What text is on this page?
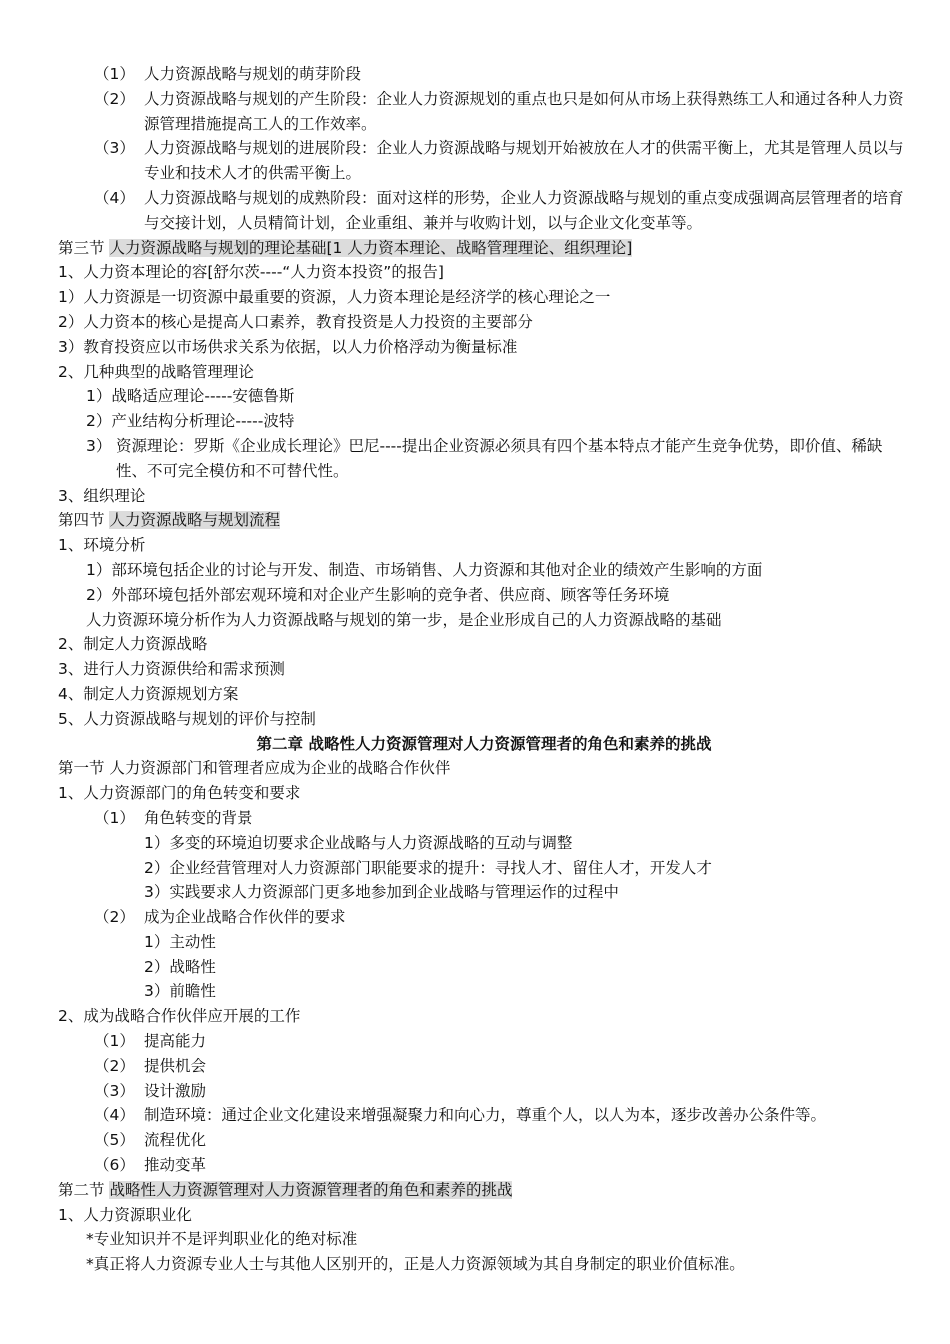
（1） 人力资源战略与规划的萌芽阶段
（2） 人力资源战略与规划的产生阶段：企业人力资源规划的重点也只是如何从市场上获得熟练工人和通过各种人力资源管理措施提高工人的工作效率。
（3） 人力资源战略与规划的进展阶段：企业人力资源战略与规划开始被放在人才的供需平衡上，尤其是管理人员以与专业和技术人才的供需平衡上。
（4） 人力资源战略与规划的成熟阶段：面对这样的形势，企业人力资源战略与规划的重点变成强调高层管理者的培育与交接计划，人员精简计划，企业重组、兼并与收购计划，以与企业文化变革等。
第三节 人力资源战略与规划的理论基础[1 人力资本理论、战略管理理论、组织理论]
1、人力资本理论的容[舒尔茨----“人力资本投资”的报告]
1）人力资源是一切资源中最重要的资源，人力资本理论是经济学的核心理论之一
2）人力资本的核心是提高人口素养，教育投资是人力投资的主要部分
3）教育投资应以市场供求关系为依据，以人力价格浮动为衡量标准
2、几种典型的战略管理理论
1）战略适应理论-----安德鲁斯
2）产业结构分析理论-----波特
3） 资源理论：罗斯《企业成长理论》巴尼----提出企业资源必须具有四个基本特点才能产生竞争优势，即价值、稀缺性、不可完全模仿和不可替代性。
3、组织理论
第四节 人力资源战略与规划流程
1、环境分析
1）部环境包括企业的讨论与开发、制造、市场销售、人力资源和其他对企业的绩效产生影响的方面
2）外部环境包括外部宏观环境和对企业产生影响的竞争者、供应商、顾客等任务环境
人力资源环境分析作为人力资源战略与规划的第一步，是企业形成自己的人力资源战略的基础
2、制定人力资源战略
3、进行人力资源供给和需求预测
4、制定人力资源规划方案
5、人力资源战略与规划的评价与控制
第二章 战略性人力资源管理对人力资源管理者的角色和素养的挑战
第一节 人力资源部门和管理者应成为企业的战略合作伙伴
1、人力资源部门的角色转变和要求
（1） 角色转变的背景
1）多变的环境迫切要求企业战略与人力资源战略的互动与调整
2）企业经营管理对人力资源部门职能要求的提升：寻找人才、留住人才，开发人才
3）实践要求人力资源部门更多地参加到企业战略与管理运作的过程中
（2） 成为企业战略合作伙伴的要求
1）主动性
2）战略性
3）前瞻性
2、成为战略合作伙伴应开展的工作
（1） 提高能力
（2） 提供机会
（3） 设计激励
（4） 制造环境：通过企业文化建设来增强凝聚力和向心力，尊重个人，以人为本，逐步改善办公条件等。
（5） 流程优化
（6） 推动变革
第二节 战略性人力资源管理对人力资源管理者的角色和素养的挑战
1、人力资源职业化
*专业知识并不是评判职业化的绝对标准
*真正将人力资源专业人士与其他人区别开的，正是人力资源领域为其自身制定的职业价值标准。
